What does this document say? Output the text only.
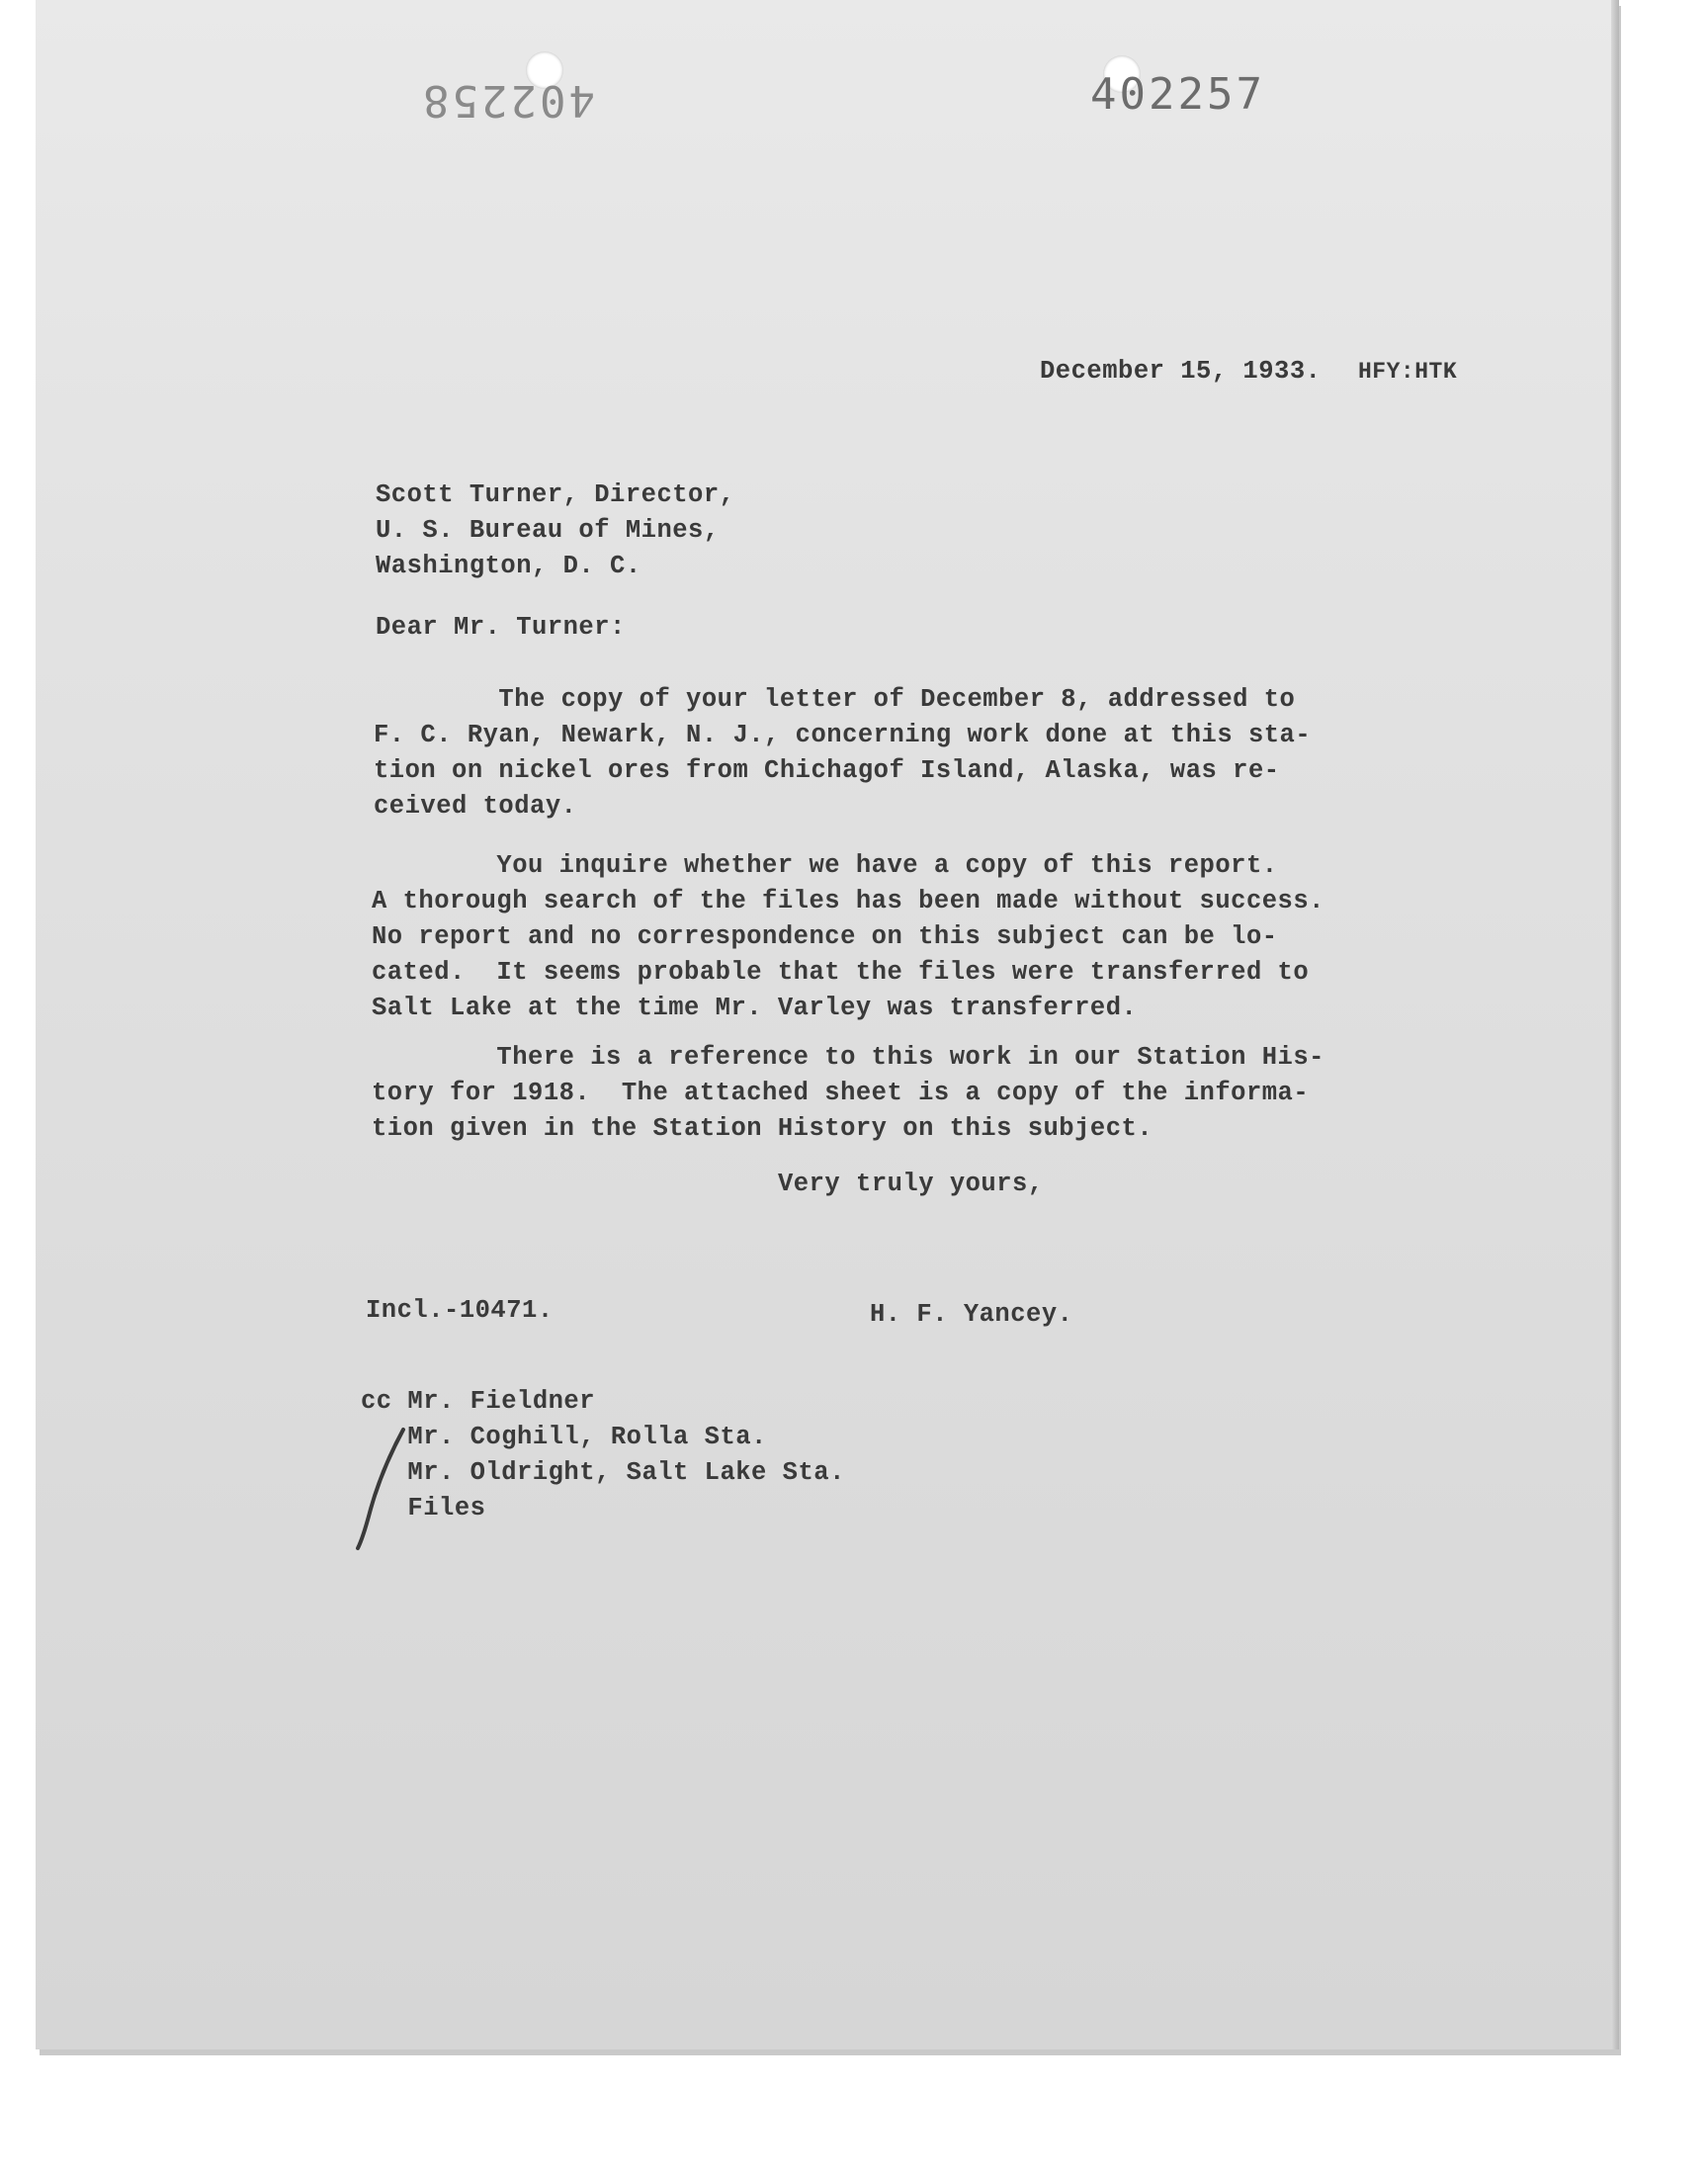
402258	402257
December 15, 1933. HFY:HTK
Scott Turner, Director,
U. S. Bureau of Mines,
Washington, D. C.
Dear Mr. Turner:
The copy of your letter of December 8, addressed to
F. C. Ryan, Newark, N. J., concerning work done at this sta-
tion on nickel ores from Chichagof Island, Alaska, was re-
ceived today.
You inquire whether we have a copy of this report.
A thorough search of the files has been made without success.
No report and no correspondence on this subject can be lo-
cated.  It seems probable that the files were transferred to
Salt Lake at the time Mr. Varley was transferred.
There is a reference to this work in our Station His-
tory for 1918.  The attached sheet is a copy of the informa-
tion given in the Station History on this subject.
Very truly yours,
Incl.-10471.	H. F. Yancey.
cc Mr. Fieldner
Mr. Coghill, Rolla Sta.
Mr. Oldright, Salt Lake Sta.
Files
